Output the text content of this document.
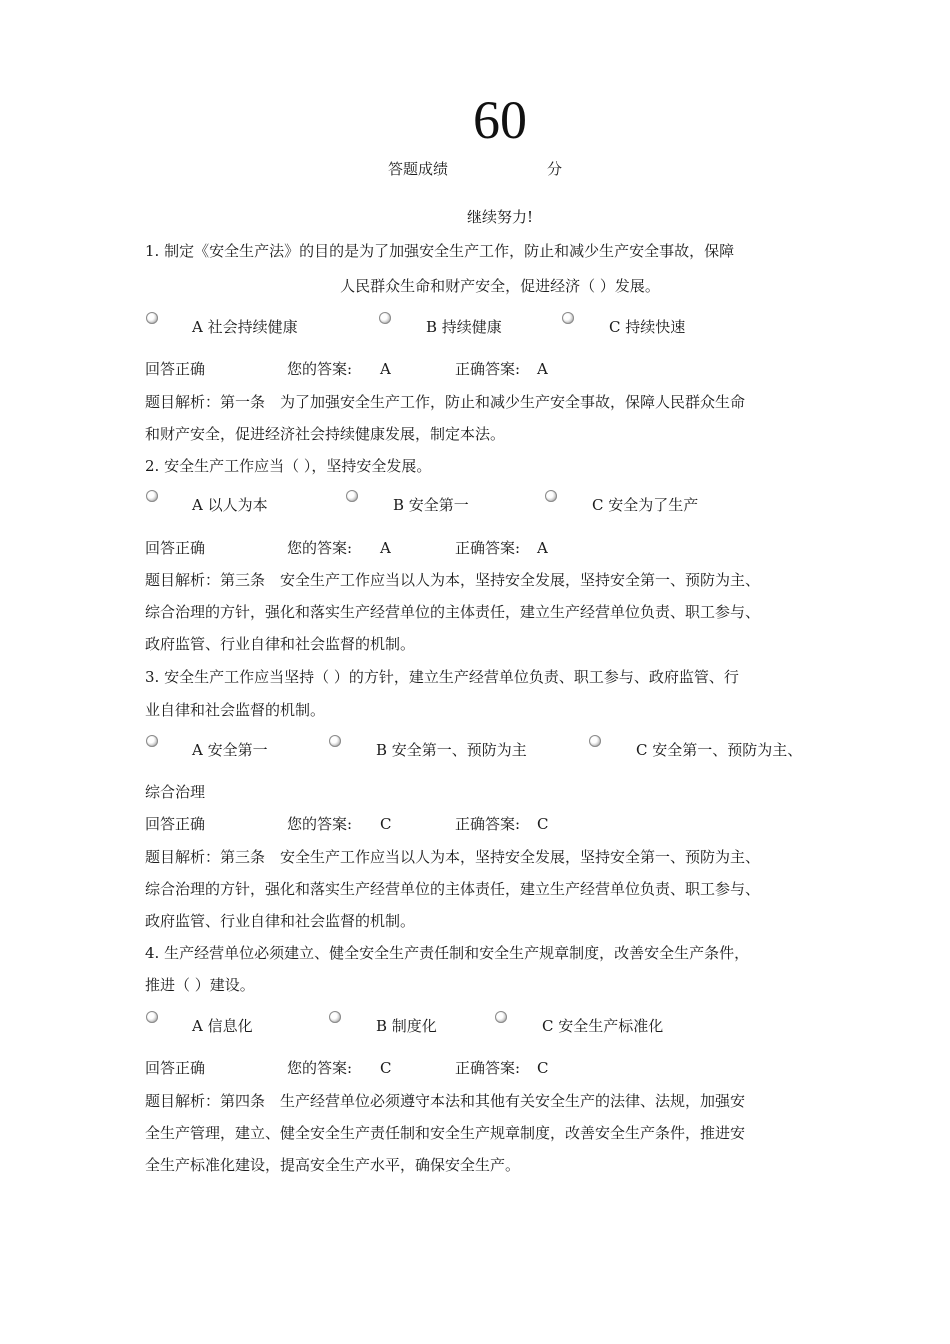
60
答题成绩	分
继续努力!
1. 制定《安全生产法》的目的是为了加强安全生产工作，防止和减少生产安全事故，保障
人民群众生命和财产安全，促进经济（ ）发展。
A 社会持续健康	B 持续健康	C 持续快速
回答正确	您的答案: A	正确答案: A
题目解析：第一条　为了加强安全生产工作，防止和减少生产安全事故，保障人民群众生命
和财产安全，促进经济社会持续健康发展，制定本法。
2. 安全生产工作应当（ ），坚持安全发展。
A 以人为本	B 安全第一	C 安全为了生产
回答正确	您的答案: A	正确答案: A
题目解析：第三条　安全生产工作应当以人为本，坚持安全发展，坚持安全第一、预防为主、
综合治理的方针，强化和落实生产经营单位的主体责任，建立生产经营单位负责、职工参与、
政府监管、行业自律和社会监督的机制。
3. 安全生产工作应当坚持（ ）的方针，建立生产经营单位负责、职工参与、政府监管、行
业自律和社会监督的机制。
A 安全第一	B 安全第一、预防为主	C 安全第一、预防为主、
综合治理
回答正确	您的答案: C	正确答案: C
题目解析：第三条　安全生产工作应当以人为本，坚持安全发展，坚持安全第一、预防为主、
综合治理的方针，强化和落实生产经营单位的主体责任，建立生产经营单位负责、职工参与、
政府监管、行业自律和社会监督的机制。
4. 生产经营单位必须建立、健全安全生产责任制和安全生产规章制度，改善安全生产条件，
推进（ ）建设。
A 信息化	B 制度化	C 安全生产标准化
回答正确	您的答案: C	正确答案: C
题目解析：第四条　生产经营单位必须遵守本法和其他有关安全生产的法律、法规，加强安
全生产管理，建立、健全安全生产责任制和安全生产规章制度，改善安全生产条件，推进安
全生产标准化建设，提高安全生产水平，确保安全生产。
